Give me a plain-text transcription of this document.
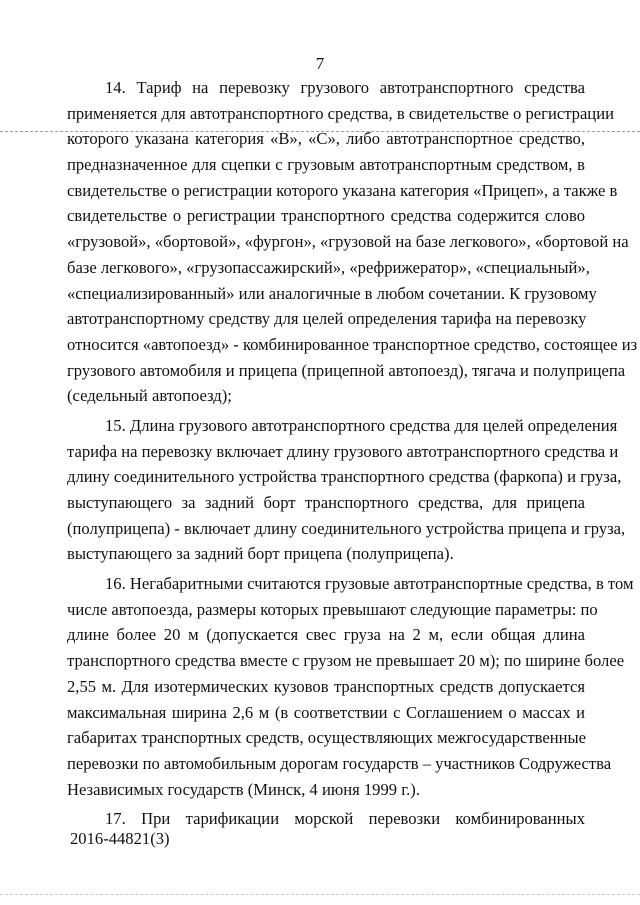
7
14. Тариф на перевозку грузового автотранспортного средства
применяется для автотранспортного средства, в свидетельстве о регистрации
которого указана категория «В», «С», либо автотранспортное средство,
предназначенное для сцепки с грузовым автотранспортным средством, в
свидетельстве о регистрации которого указана категория «Прицеп», а также в
свидетельстве о регистрации транспортного средства содержится слово
«грузовой», «бортовой», «фургон», «грузовой на базе легкового», «бортовой на
базе легкового», «грузопассажирский», «рефрижератор», «специальный»,
«специализированный» или аналогичные в любом сочетании. К грузовому
автотранспортному средству для целей определения тарифа на перевозку
относится «автопоезд» - комбинированное транспортное средство, состоящее из
грузового автомобиля и прицепа (прицепной автопоезд), тягача и полуприцепа
(седельный автопоезд);
15. Длина грузового автотранспортного средства для целей определения
тарифа на перевозку включает длину грузового автотранспортного средства и
длину соединительного устройства транспортного средства (фаркопа) и груза,
выступающего за задний борт транспортного средства, для прицепа
(полуприцепа) - включает длину соединительного устройства прицепа и груза,
выступающего за задний борт прицепа (полуприцепа).
16. Негабаритными считаются грузовые автотранспортные средства, в том
числе автопоезда, размеры которых превышают следующие параметры: по
длине более 20 м (допускается свес груза на 2 м, если общая длина
транспортного средства вместе с грузом не превышает 20 м); по ширине более
2,55 м. Для изотермических кузовов транспортных средств допускается
максимальная ширина 2,6 м (в соответствии с Соглашением о массах и
габаритах транспортных средств, осуществляющих межгосударственные
перевозки по автомобильным дорогам государств – участников Содружества
Независимых государств (Минск, 4 июня 1999 г.).
17. При тарификации морской перевозки комбинированных
2016-44821(3)
